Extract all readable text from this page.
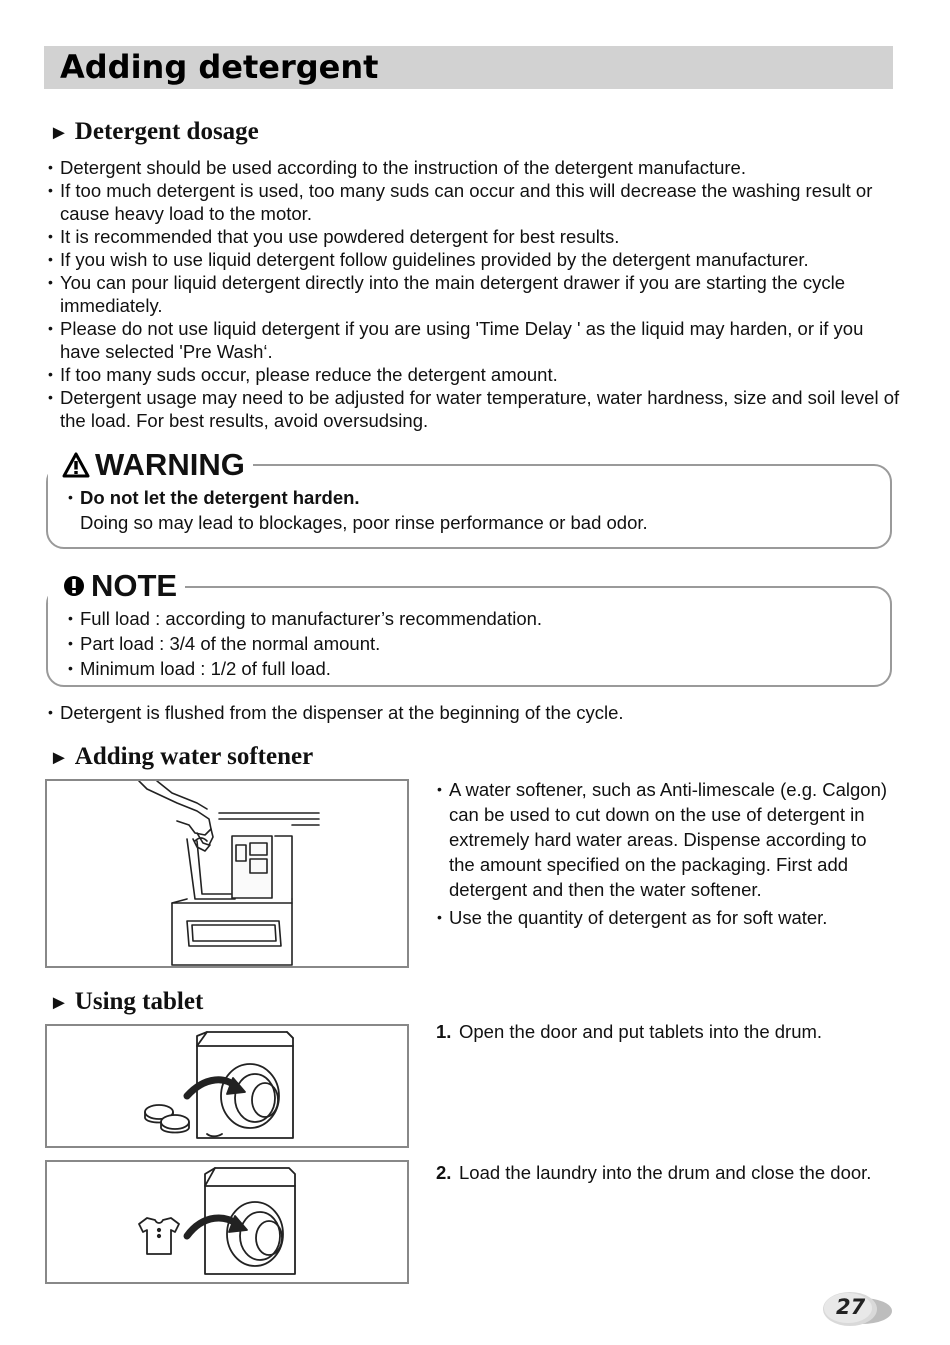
Adding detergent
► Detergent dosage
• Detergent should be used according to the instruction of the detergent manufacture.
• If too much detergent is used, too many suds can occur and this will decrease the washing result or cause heavy load to the motor.
• It is recommended that you use powdered detergent for best results.
• If you wish to use liquid detergent follow guidelines provided by the detergent manufacturer.
• You can pour liquid detergent directly into the main detergent drawer if you are starting the cycle immediately.
• Please do not use liquid detergent if you are using 'Time Delay ' as the liquid may harden, or if you have selected 'Pre Wash‘.
• If too many suds occur, please reduce the detergent amount.
• Detergent usage may need to be adjusted for water temperature, water hardness, size and soil level of the load. For best results, avoid oversudsing.
• Do not let the detergent harden.
Doing so may lead to blockages, poor rinse performance or bad odor.
WARNING
• Full load : according to manufacturer’s recommendation.
• Part load : 3/4 of the normal amount.
• Minimum load : 1/2 of full load.
NOTE
• Detergent is flushed from the dispenser at the beginning of the cycle.
► Adding water softener
• A water softener, such as Anti-limescale (e.g. Calgon) can be used to cut down on the use of detergent in extremely hard water areas. Dispense according to the amount specified on the packaging. First add detergent and then the water softener.
• Use the quantity of detergent as for soft water.
► Using tablet
1. Open the door and put tablets into the drum.
2. Load the laundry into the drum and close the door.
27
